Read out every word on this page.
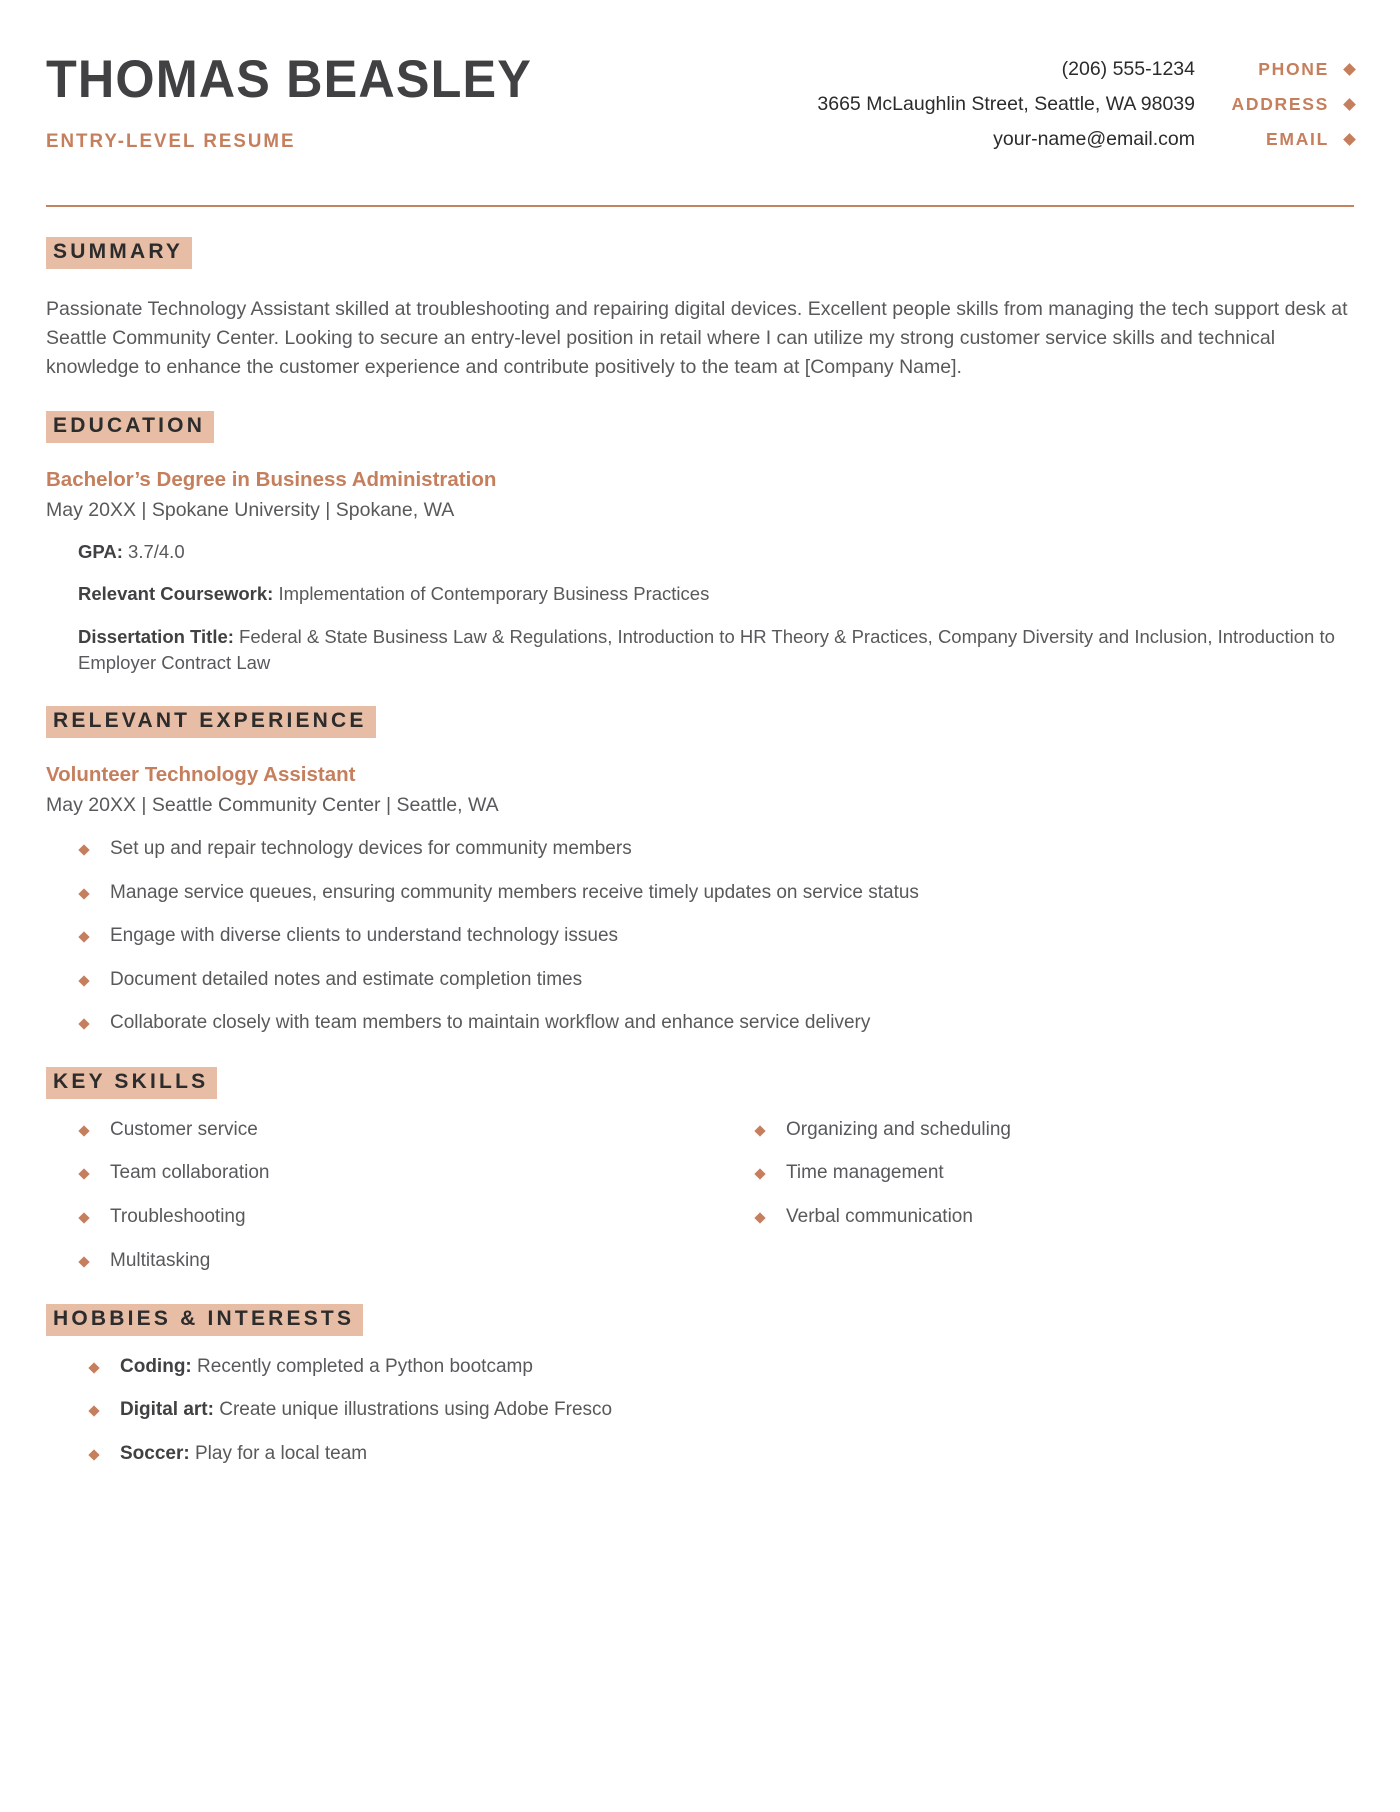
THOMAS BEASLEY
ENTRY-LEVEL RESUME
(206) 555-1234	PHONE
3665 McLaughlin Street, Seattle, WA 98039	ADDRESS
your-name@email.com	EMAIL
SUMMARY
Passionate Technology Assistant skilled at troubleshooting and repairing digital devices. Excellent people skills from managing the tech support desk at Seattle Community Center. Looking to secure an entry-level position in retail where I can utilize my strong customer service skills and technical knowledge to enhance the customer experience and contribute positively to the team at [Company Name].
EDUCATION
Bachelor’s Degree in Business Administration
May 20XX | Spokane University | Spokane, WA
GPA: 3.7/4.0
Relevant Coursework: Implementation of Contemporary Business Practices
Dissertation Title: Federal & State Business Law & Regulations, Introduction to HR Theory & Practices, Company Diversity and Inclusion, Introduction to Employer Contract Law
RELEVANT EXPERIENCE
Volunteer Technology Assistant
May 20XX | Seattle Community Center | Seattle, WA
Set up and repair technology devices for community members
Manage service queues, ensuring community members receive timely updates on service status
Engage with diverse clients to understand technology issues
Document detailed notes and estimate completion times
Collaborate closely with team members to maintain workflow and enhance service delivery
KEY SKILLS
Customer service
Team collaboration
Troubleshooting
Multitasking
Organizing and scheduling
Time management
Verbal communication
HOBBIES & INTERESTS
Coding: Recently completed a Python bootcamp
Digital art: Create unique illustrations using Adobe Fresco
Soccer: Play for a local team
